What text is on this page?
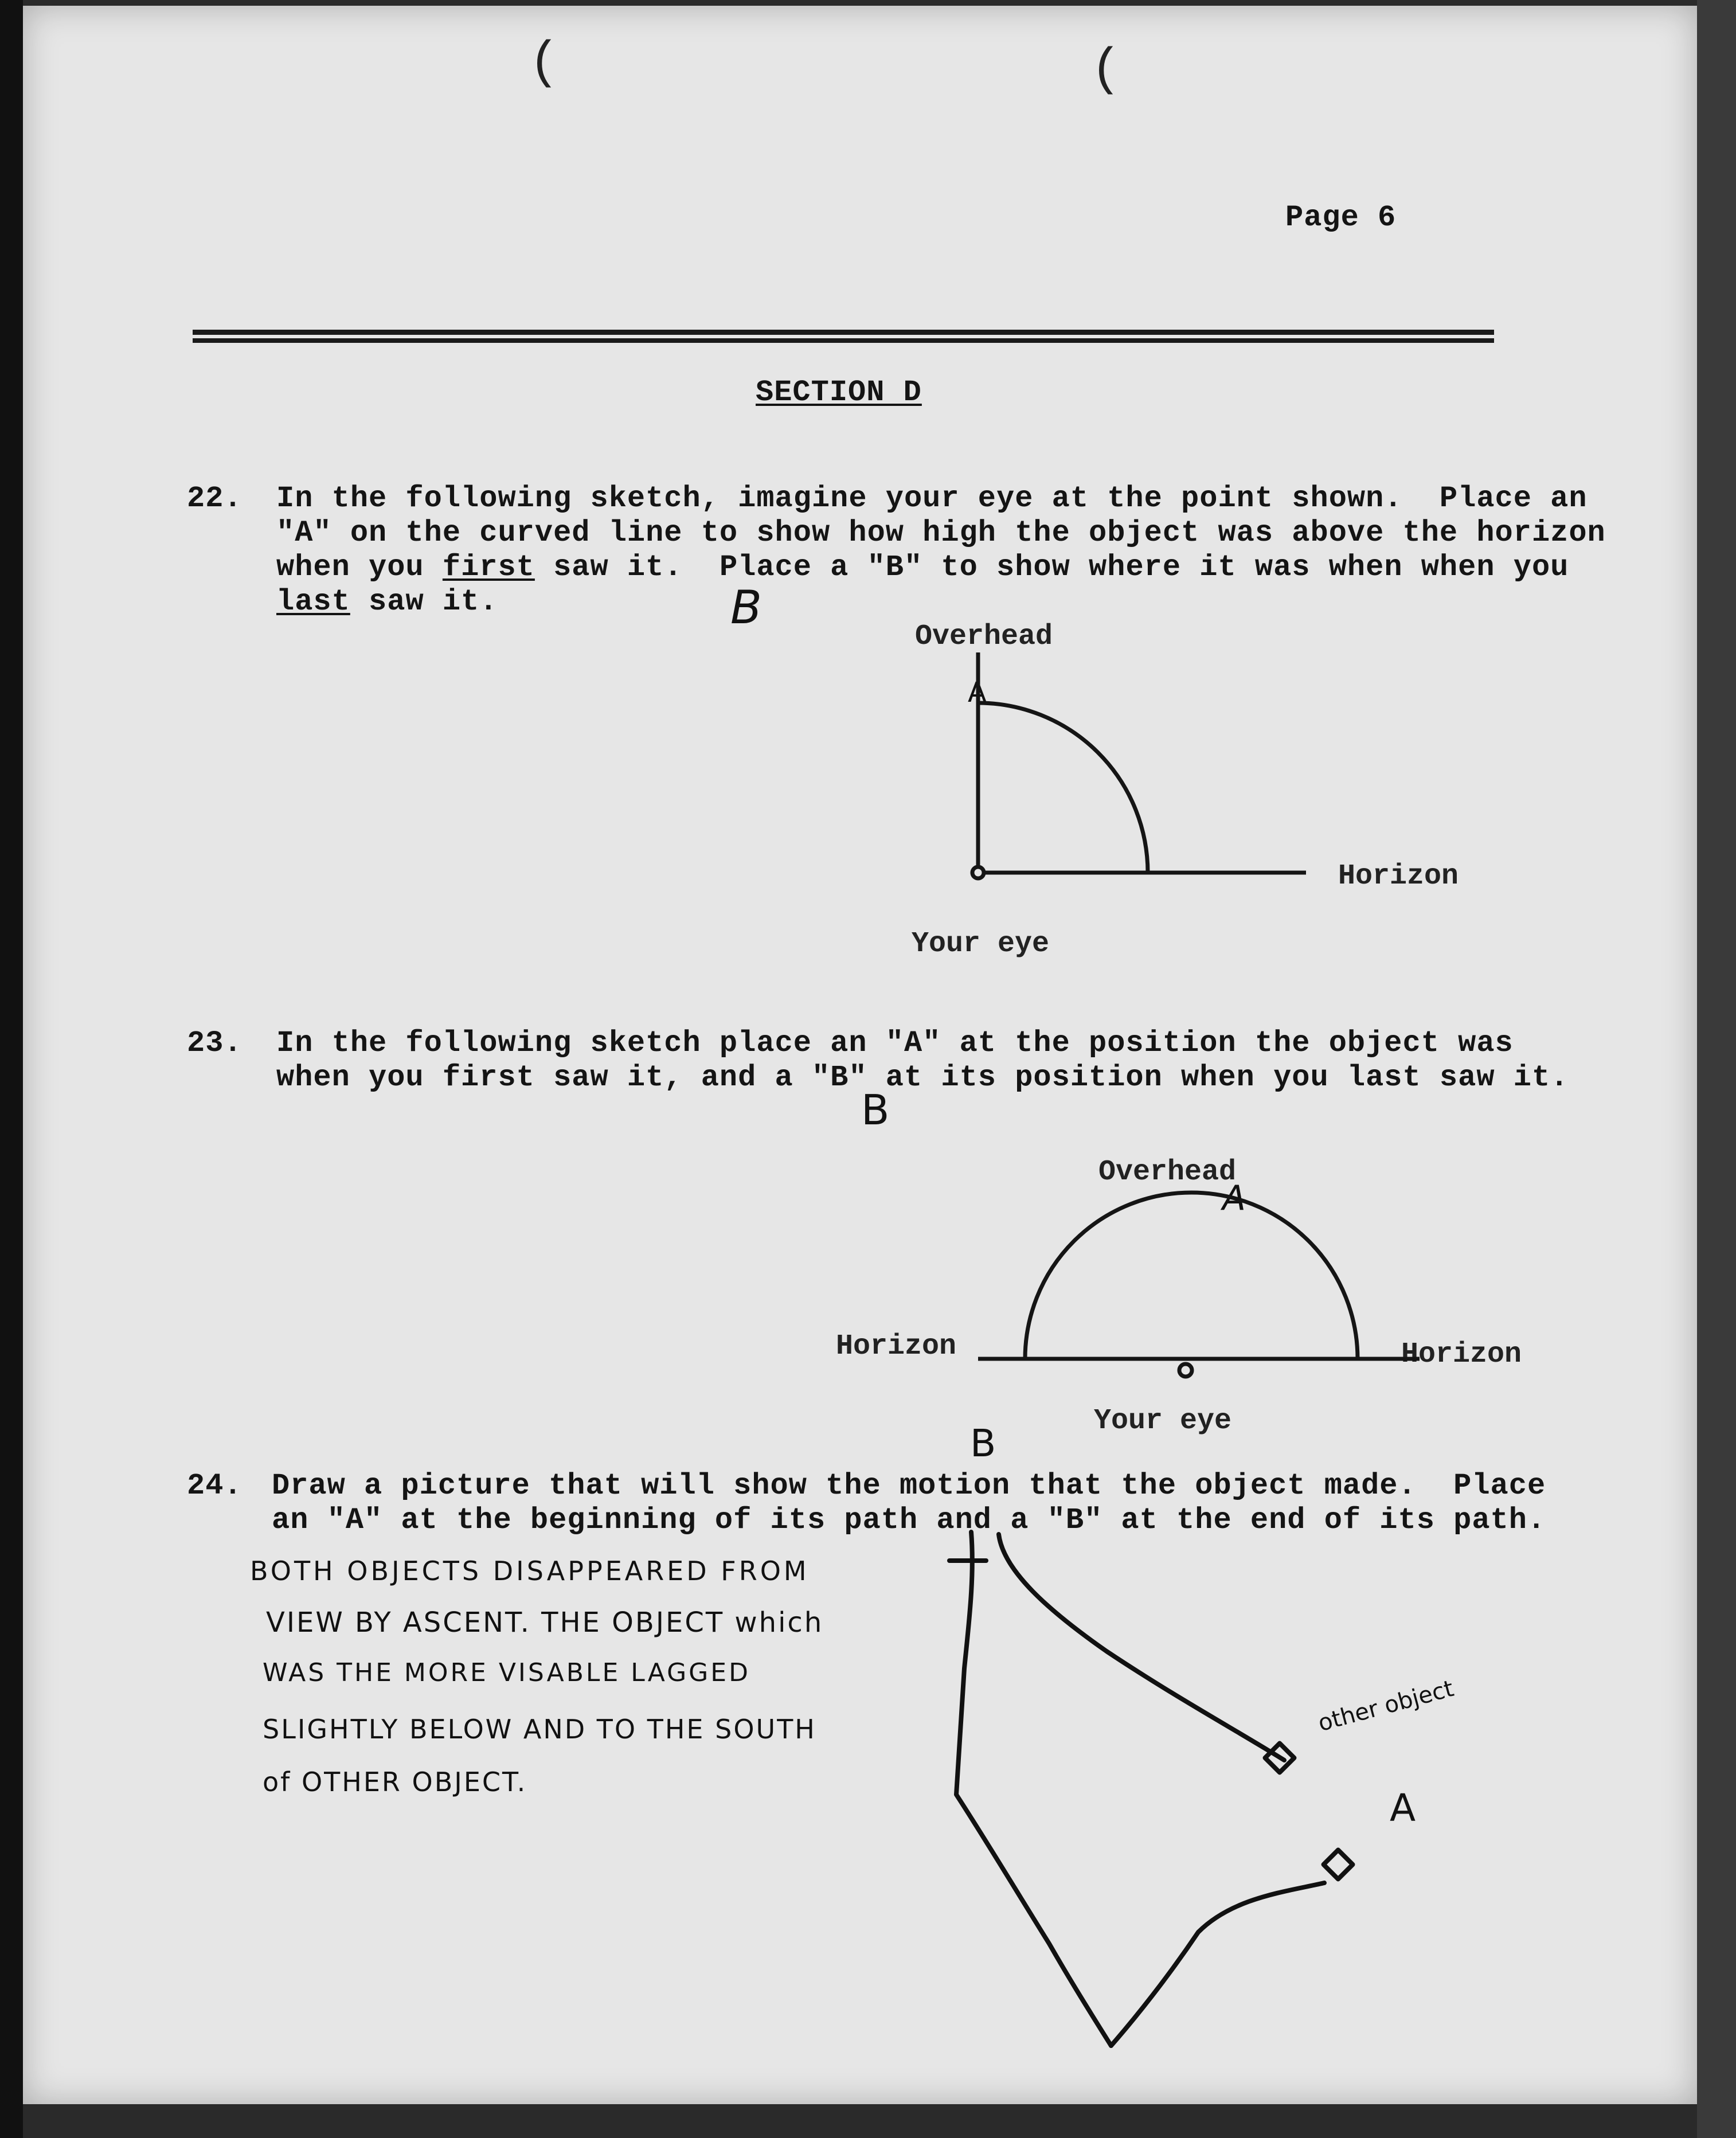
(	(
Page 6
SECTION D
22. In the following sketch, imagine your eye at the point shown.  Place an
"A" on the curved line to show how high the object was above the horizon
when you first saw it.  Place a "B" to show where it was when when you
last saw it.	B
A
Overhead
Horizon
Your eye
23. In the following sketch place an "A" at the position the object was
when you first saw it, and a "B" at its position when you last saw it.
B
A
Overhead
Horizon	Horizon
Your eye
B
24. Draw a picture that will show the motion that the object made.  Place
an "A" at the beginning of its path and a "B" at the end of its path.
BOTH OBJECTS DISAPPEARED FROM
VIEW BY ASCENT. THE OBJECT which
WAS THE MORE VISABLE LAGGED
SLIGHTLY BELOW AND TO THE SOUTH
of OTHER OBJECT.
other object
A
